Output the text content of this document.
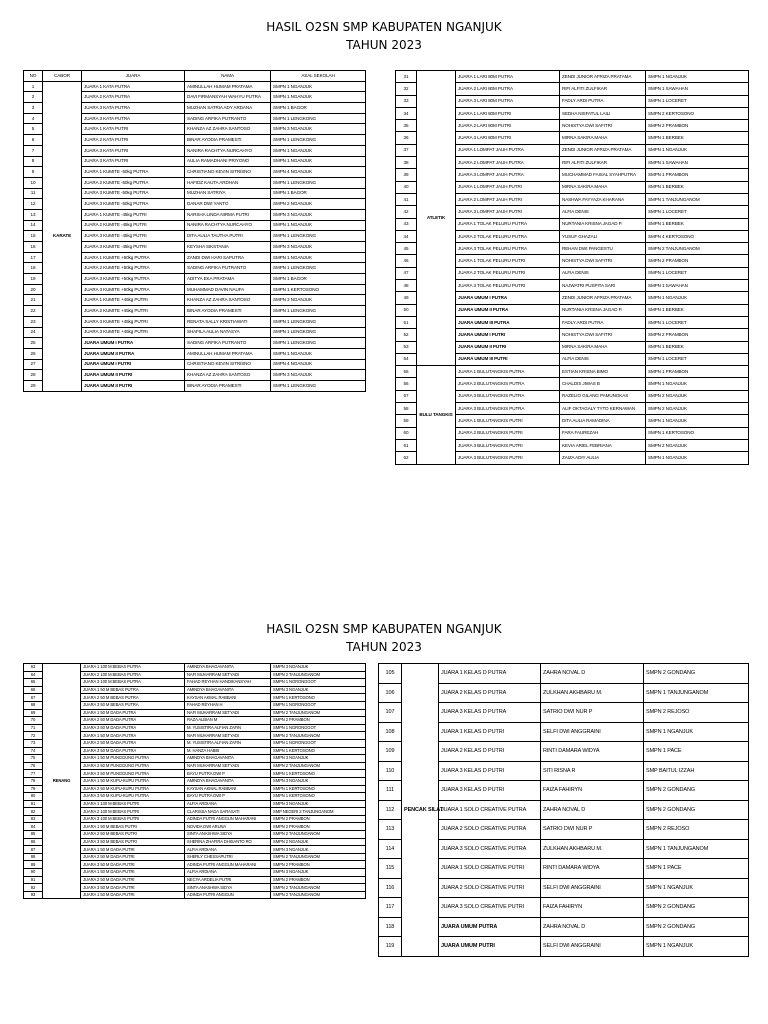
HASIL O2SN SMP KABUPATEN NGANJUK
TAHUN 2023
NO	CABOR	JUARA	NAMA	ASAL SEKOLAH
1	KARATE	JUARA 1 KATA PUTRA	AMINULLAH HUMAM PRATAMA	SMPN 1 NGANJUK
2		JUARA 2 KATA PUTRA	DAVI FIRMANSYAH WAHYU PUTRA	SMPN 1 NGANJUK
3		JUARA 3 KATA PUTRA	MUZHAN SATRIA ADY ARDANA	SMPN 1 BAGOR
4		JUARA 3 KATA PUTRA	SADING ARFIKA PUTRANTO	SMPN 1 LENGKONG
5		JUARA 1 KATA PUTRI	KHANZA AZ ZAHRA SANTOSO	SMPN 3 NGANJUK
6		JUARA 2 KATA PUTRI	BINAR AYODIA PRAMESTI	SMPN 1 LENGKONG
7		JUARA 3 KATA PUTRI	NANIRA RACHTYA NURCAHYO	SMPN 1 NGANJUK
8		JUARA 3 KATA PUTRI	AULIA RAMADHANI PRIYONO	SMPN 1 NGANJUK
9		JUARA 1 KUMITE -50kg PUTRA	CHRISTIANO KEVIN SITRISNO	SMPN 4 NGANJUK
10		JUARA 2 KUMITE -50kg PUTRA	HAFIDZ KAUTA ARDHAN	SMPN 1 LENGKONG
11		JUARA 3 KUMITE -50kg PUTRA	MUZHAN SATRIYA	SMPN 1 BAGOR
12		JUARA 3 KUMITE -50kg PUTRA	DANAR DWI YANTO	SMPN 2 NGANJUK
13		JUARA 1 KUMITE -45kg PUTRI	NARSHA LINDA NIRMA PUTRI	SMPN 3 NGANJUK
14		JUARA 2 KUMITE -45kg PUTRI	NANIRA RACHTYA NURCAHYO	SMPN 1 NGANJUK
15		JUARA 3 KUMITE -45kg PUTRI	DITA AULIA TAUTHA PUTRI	SMPN 1 LENGKONG
16		JUARA 3 KUMITE -45kg PUTRI	KEYSHA SIKSTANIA	SMPN 3 NGANJUK
17		JUARA 1 KUMITE +50kg PUTRA	ZANDI DWI HARI SAPUTRA	SMPN 1 NGANJUK
18		JUARA 2 KUMITE +50kg PUTRA	SADING ARFIKA PUTRANTO	SMPN 1 LENGKONG
19		JUARA 3 KUMITE +50kg PUTRA	ADITYA EKA PRATAMA	SMPN 1 BAGOR
20		JUARA 3 KUMITE +50kg PUTRA	MUHAMMAD DAVIN NAUFA	SMPN 1 KERTOSONO
21		JUARA 1 KUMITE +45kg PUTRI	KHANZA AZ ZAHRA SANTOSO	SMPN 3 NGANJUK
22		JUARA 2 KUMITE +45kg PUTRI	BINAR AYODIA PRAMESTI	SMPN 1 LENGKONG
23		JUARA 3 KUMITE +45kg PUTRI	RENATA SALLY KRISTIAWATI	SMPN 1 LENGKONG
24		JUARA 3 KUMITE +45kg PUTRI	SHAFILA AULIA NATASYA	SMPN 1 LENGKONG
25		JUARA UMUM I PUTRA	SADING ARFIKA PUTRANTO	SMPN 1 LENGKONG
26		JUARA UMUM II PUTRA	AMINULLAH HUMAM PRATAMA	SMPN 1 NGANJUK
27		JUARA UMUM I PUTRI	CHRISTIANO KEVIN SITRISNO	SMPN 4 NGANJUK
28		JUARA UMUM II PUTRI	KHANZA AZ ZAHRA SANTOSO	SMPN 3 NGANJUK
29		JUARA UMUM II PUTRI	BINAR AYODIA PRAMESTI	SMPN 1 LENGKONG
31	ATLETIK	JUARA 1 LARI 80M PUTRA	ZENDI JUNIOR AFRIZA PRATAMA	SMPN 1 NGANJUK
32		JUARA 2 LARI 80M PUTRA	RIFI ALFITI ZULFIKAR	SMPN 1 SAWAHAN
33		JUARA 3 LARI 80M PUTRA	FADLY ARDI PUTRA	SMPN 1 LOCERET
34		JUARA 1 LARI 80M PUTRI	SEDHA NISFATUL LAILI	SMPN 2 KERTOSONO
35		JUARA 2 LARI 80M PUTRI	NOHISTYA DWI SAFITRI	SMPN 2 PRAMBON
36		JUARA 3 LARI 80M PUTRI	MIRNA SAKIRA MAHA	SMPN 1 BERBEK
37		JUARA 1 LOMPAT JAUH PUTRA	ZENDI JUNIOR AFRIZA PRATAMA	SMPN 1 NGANJUK
38		JUARA 2 LOMPAT JAUH PUTRA	RIFI ALFITI ZULFIKAR	SMPN 1 SAWAHAN
39		JUARA 3 LOMPAT JAUH PUTRA	MUCHAMMAD FAISAL SYAHPUTRA	SMPN 1 PRAMBON
40		JUARA 1 LOMPAT JAUH PUTRI	MIRNA SAKIRA MAHA	SMPN 1 BERBEK
41		JUARA 2 LOMPAT JAUH PUTRI	NASHWA FAYYAZA KHARANA	SMPN 1 TANJUNGANOM
42		JUARA 3 LOMPAT JAUH PUTRI	ALFIA DENIS	SMPN 1 LOCERET
43		JUARA 1 TOLAK PELURU PUTRA	NURTANIA KRISNA JAGAD P.	SMPN 1 BERBEK
44		JUARA 2 TOLAK PELURU PUTRA	YUSUF GHAZALI	SMPN 4 KERTOSONO
45		JUARA 3 TOLAK PELURU PUTRA	REHAN DWI PANGESTU	SMPN 2 TANJUNGANOM
46		JUARA 1 TOLAK PELURU PUTRI	NOHISTYA DWI SAFITRI	SMPN 2 PRAMBON
47		JUARA 2 TOLAK PELURU PUTRI	ALFIA DENIS	SMPN 1 LOCERET
48		JUARA 3 TOLAK PELURU PUTRI	NAJWATRI PUSPITA SARI	SMPN 1 SAWAHAN
49		JUARA UMUM I PUTRA	ZENDI JUNIOR AFRIZA PRATAMA	SMPN 1 NGANJUK
50		JUARA UMUM II PUTRA	NURTANIA KRISNA JAGAD P.	SMPN 1 BERBEK
51		JUARA UMUM III PUTRA	FADLY ARDI PUTRA	SMPN 1 LOCERET
52		JUARA UMUM I PUTRI	NOHISTYA DWI SAFITRI	SMPN 2 PRAMBON
53		JUARA UMUM II PUTRI	MIRNA SAKIRA MAHA	SMPN 1 BERBEK
54		JUARA UMUM III PUTRI	ALFIA DENIS	SMPN 1 LOCERET
55	BULU TANGKIS	JUARA 1 BULUTANGKIS PUTRA	ESTIAN KRISNA BIMO	SMPN 1 PRAMBON
56		JUARA 2 BULUTANGKIS PUTRA	CHALDIS JIWAS B	SMPN 1 NGANJUK
57		JUARA 3 BULUTANGKIS PUTRA	RAZELIO GILANG PAMUNGKAS	SMPN 2 NGANJUK
58		JUARA 3 BULUTANGKIS PUTRA	ALIF OKTAGALY TYTO KERNAWAN	SMPN 2 NGANJUK
59		JUARA 1 BULUTANGKIS PUTRI	DITA AULIA RAMADINA	SMPN 1 NGANJUK
60		JUARA 2 BULUTANGKIS PUTRI	FARA FAUREZAH	SMPN 1 KERTOSONO
61		JUARA 3 BULUTANGKIS PUTRI	KEVIA ARIEL FEBRIANA	SMPN 2 NGANJUK
62		JUARA 3 BULUTANGKIS PUTRI	ZAIZA ADIY AULIA	SMPN 1 NGANJUK
HASIL O2SN SMP KABUPATEN NGANJUK
TAHUN 2023
63	RENANG	JUARA 1 100 M BEBAS PUTRA	AMINDYA BHAGAVANITA	SMPN 3 NGANJUK
64		JUARA 2 100 M BEBAS PUTRA	NAFI MUHARRAM SETYADI	SMPN 2 TANJUNGANOM
65		JUARA 3 100 M BEBAS PUTRA	FAHAD REYHAN HANDIKANSYAH	SMPN 1 NGRONGGOT
66		JUARA 1 50 M BEBAS PUTRA	AMINDYA BHAGAVANITA	SMPN 3 NGANJUK
67		JUARA 2 50 M BEBAS PUTRA	KAYSAN AKMAL RABBANI	SMPN 1 KERTOSONO
68		JUARA 3 50 M BEBAS PUTRA	FAHAD REYHAN H	SMPN 1 NGRONGGOT
69		JUARA 1 50 M DADA PUTRA	NAFI MUHARRAM SETYADI	SMPN 2 TANJUNGANOM
70		JUARA 2 50 M DADA PUTRA	RAZA ALBIAN M	SMPN 2 PRAMBON
71		JUARA 3 50 M DADA PUTRA	M. YUSISTIRA ALFIAN ZAFIN	SMPN 1 NGRONGGOT
72		JUARA 1 50 M DADA PUTRA	NAFI MUHARRAM SETYADI	SMPN 2 TANJUNGANOM
73		JUARA 2 50 M DADA PUTRA	M. YUSISTIRA ALFIAN ZAFIN	SMPN 1 NGRONGGOT
74		JUARA 3 50 M DADA PUTRA	M. HANZA HABIB	SMPN 1 KERTOSONO
75		JUARA 1 50 M PUNGGUNG PUTRA	AMINDYA BHAGAVANITA	SMPN 3 NGANJUK
76		JUARA 2 50 M PUNGGUNG PUTRA	NAFI MUHARRAM SETYADI	SMPN 2 TANJUNGANOM
77		JUARA 3 50 M PUNGGUNG PUTRA	BAYU PUTRA DWI P	SMPN 1 KERTOSONO
78		JUARA 1 50 M KUPU-KUPU PUTRA	AMINDYA BHAGAVANITA	SMPN 3 NGANJUK
79		JUARA 2 50 M KUPU-KUPU PUTRA	KAYSAN AKMAL RABBANI	SMPN 1 KERTOSONO
80		JUARA 3 50 M KUPU-KUPU PUTRA	BAYU PUTRA DWI P	SMPN 1 KERTOSONO
81		JUARA 1 100 M BEBAS PUTRI	ALFIA ARDIANA	SMPN 3 NGANJUK
82		JUARA 2 100 M BEBAS PUTRI	CLARISSA NADA SARASATI	SMP NEGERI 2 TANJUNGANOM
83		JUARA 3 100 M BEBAS PUTRI	ADINDA PUTRI ANGGUN MAHARANI	SMPN 2 PRAMBON
84		JUARA 1 50 M BEBAS PUTRI	NOVIDA DWI ARUNA	SMPN 2 PRAMBON
85		JUARA 2 50 M BEBAS PUTRI	SINTA ANASHWA SIDYA	SMPN 2 TANJUNGANOM
86		JUARA 3 50 M BEBAS PUTRI	SHERINA ZHAFIRA DHISANTO RO	SMPN 2 NGANJUK
87		JUARA 1 50 M DADA PUTRI	ALFIA ARDIANA	SMPN 3 NGANJUK
88		JUARA 2 50 M DADA PUTRI	SHERLY CHESSAPUTRI	SMPN 2 TANJUNGANOM
89		JUARA 3 50 M DADA PUTRI	ADINDA PUTRI ANGGUN MAHARANI	SMPN 2 PRAMBON
90		JUARA 1 50 M DADA PUTRI	ALFIA ARDIANA	SMPN 3 NGANJUK
91		JUARA 2 50 M DADA PUTRI	NECYA ARDELIA PUTRI	SMPN 2 PRAMBON
92		JUARA 3 50 M DADA PUTRI	SINTA ANASHWA SIDYA	SMPN 2 TANJUNGANOM
93		JUARA 1 50 M DADA PUTRI	ADINDA PUTRI ANGGUN	SMPN 2 TANJUNGANOM
105	PENCAK SILAT	JUARA 1 KELAS D PUTRA	ZAHRA NOVAL D	SMPN 2 GONDANG
106		JUARA 2 KELAS D PUTRA	ZULKHAN AKHBARU M.	SMPN 1 TANJUNGANOM
107		JUARA 3 KELAS D PUTRA	SATRIO DWI NUR P	SMPN 2 REJOSO
108		JUARA 1 KELAS D PUTRI	SELFI DWI ANGGRAINI	SMPN 1 NGANJUK
109		JUARA 2 KELAS D PUTRI	RINTI DAMARA WIDYA	SMPN 1 PACE
110		JUARA 3 KELAS D PUTRI	SITI RISNA R	SMP BAITUL IZZAH
111		JUARA 3 KELAS D PUTRI	FAIZA FAHIRYN	SMPN 2 GONDANG
112		JUARA 1 SOLO CREATIVE PUTRA	ZAHRA NOVAL D	SMPN 2 GONDANG
113		JUARA 2 SOLO CREATIVE PUTRA	SATRIO DWI NUR P	SMPN 2 REJOSO
114		JUARA 3 SOLO CREATIVE PUTRA	ZULKHAN AKHBARU M.	SMPN 1 TANJUNGANOM
115		JUARA 1 SOLO CREATIVE PUTRI	RINTI DAMARA WIDYA	SMPN 1 PACE
116		JUARA 2 SOLO CREATIVE PUTRI	SELFI DWI ANGGRAINI	SMPN 1 NGANJUK
117		JUARA 3 SOLO CREATIVE PUTRI	FAIZA FAHIRYN	SMPN 2 GONDANG
118		JUARA UMUM PUTRA	ZAHRA NOVAL D	SMPN 2 GONDANG
119		JUARA UMUM PUTRI	SELFI DWI ANGGRAINI	SMPN 1 NGANJUK
